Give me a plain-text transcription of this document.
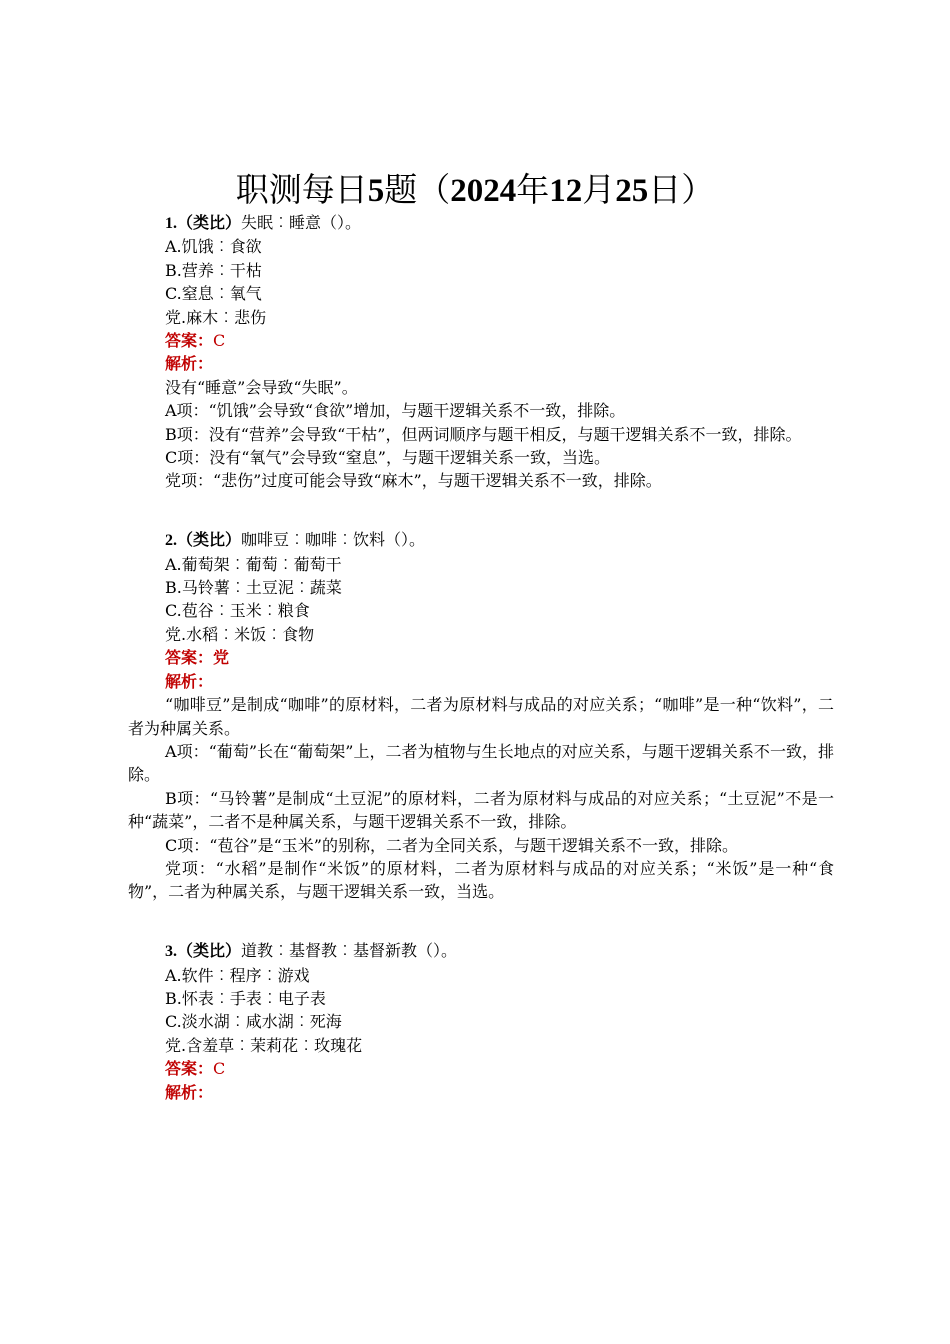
职测每日5题（2024年12月25日）
1.（类比）失眠︰睡意（）。
A.饥饿︰食欲
B.营养︰干枯
C.窒息︰氧气
党.麻木︰悲伤
答案：C
解析：
没有“睡意”会导致“失眠”。
A项：“饥饿”会导致“食欲”增加，与题干逻辑关系不一致，排除。
B项：没有“营养”会导致“干枯”，但两词顺序与题干相反，与题干逻辑关系不一致，排除。
C项：没有“氧气”会导致“窒息”，与题干逻辑关系一致，当选。
党项：“悲伤”过度可能会导致“麻木”，与题干逻辑关系不一致，排除。
2.（类比）咖啡豆︰咖啡︰饮料（）。
A.葡萄架︰葡萄︰葡萄干
B.马铃薯︰土豆泥︰蔬菜
C.苞谷︰玉米︰粮食
党.水稻︰米饭︰食物
答案：党
解析：
“咖啡豆”是制成“咖啡”的原材料，二者为原材料与成品的对应关系；“咖啡”是一种“饮料”，二者为种属关系。
A项：“葡萄”长在“葡萄架”上，二者为植物与生长地点的对应关系，与题干逻辑关系不一致，排除。
B项：“马铃薯”是制成“土豆泥”的原材料，二者为原材料与成品的对应关系；“土豆泥”不是一种“蔬菜”，二者不是种属关系，与题干逻辑关系不一致，排除。
C项：“苞谷”是“玉米”的别称，二者为全同关系，与题干逻辑关系不一致，排除。
党项：“水稻”是制作“米饭”的原材料，二者为原材料与成品的对应关系；“米饭”是一种“食物”，二者为种属关系，与题干逻辑关系一致，当选。
3.（类比）道教︰基督教︰基督新教（）。
A.软件︰程序︰游戏
B.怀表︰手表︰电子表
C.淡水湖︰咸水湖︰死海
党.含羞草︰茉莉花︰玫瑰花
答案：C
解析：
